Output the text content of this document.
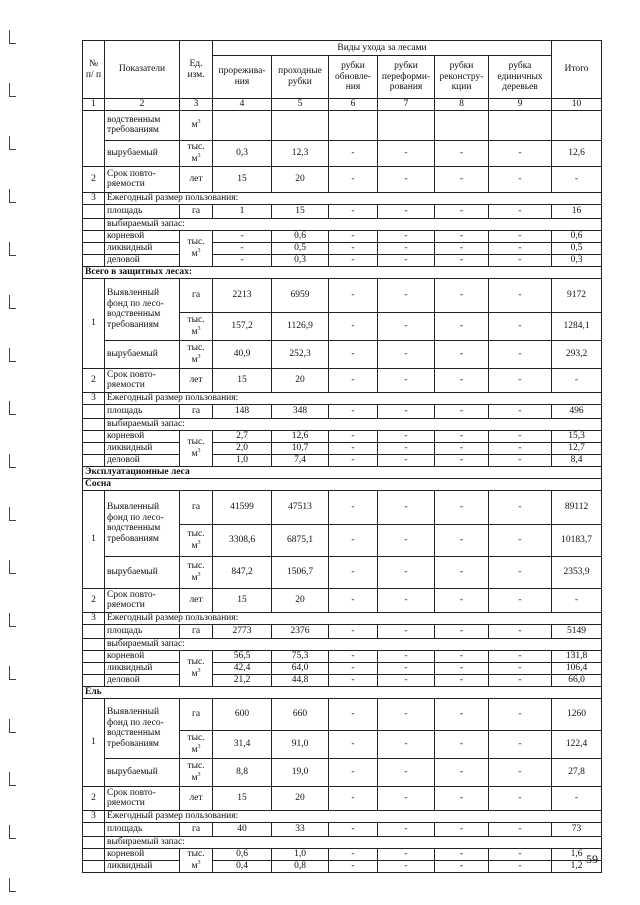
№ п/ п	Показатели	Ед. изм.	Виды ухода за лесами						Итого
			прорежива-ния	проходные рубки	рубки обновле-ния	рубки переформи-рования	рубки реконстру-кции	рубка единичных деревьев	
1	2	3	4	5	6	7	8	9	10
	водственным требованиям	$м^3$							
	вырубаемый	тыс. $м^3$	0,3	12,3	-	-	-	-	12,6
2	Срок повто-ряемости	лет	15	20	-	-	-	-	-
3	Ежегодный размер пользования:								
	площадь	га	1	15	-	-	-	-	16
	выбираемый запас:								
	корневой	тыс. $м^3$	-	0,6	-	-	-	-	0,6
	ликвидный		-	0,5	-	-	-	-	0,5
	деловой		-	0,3	-	-	-	-	0,3
Всего в защитных лесах:									
1	Выявленный фонд по лесо-водственным требованиям	га	2213	6959	-	-	-	-	9172
		тыс. $м^3$	157,2	1126,9	-	-	-	-	1284,1
	вырубаемый	тыс. $м^3$	40,9	252,3	-	-	-	-	293,2
2	Срок повто-ряемости	лет	15	20	-	-	-	-	-
3	Ежегодный размер пользования:								
	площадь	га	148	348	-	-	-	-	496
	выбираемый запас:								
	корневой	тыс. $м^3$	2,7	12,6	-	-	-	-	15,3
	ликвидный		2,0	10,7	-	-	-	-	12,7
	деловой		1,0	7,4	-	-	-	-	8,4
Эксплуатационные леса									
Сосна									
1	Выявленный фонд по лесо-водственным требованиям	га	41599	47513	-	-	-	-	89112
		тыс. $м^3$	3308,6	6875,1	-	-	-	-	10183,7
	вырубаемый	тыс. $м^3$	847,2	1506,7	-	-	-	-	2353,9
2	Срок повто-ряемости	лет	15	20	-	-	-	-	-
3	Ежегодный размер пользования:								
	площадь	га	2773	2376	-	-	-	-	5149
	выбираемый запас:								
	корневой	тыс. $м^3$	56,5	75,3	-	-	-	-	131,8
	ликвидный		42,4	64,0	-	-	-	-	106,4
	деловой		21,2	44,8	-	-	-	-	66,0
Ель									
1	Выявленный фонд по лесо-водственным требованиям	га	600	660	-	-	-	-	1260
		тыс. $м^3$	31,4	91,0	-	-	-	-	122,4
	вырубаемый	тыс. $м^3$	8,8	19,0	-	-	-	-	27,8
2	Срок повто-ряемости	лет	15	20	-	-	-	-	-
3	Ежегодный размер пользования:								
	площадь	га	40	33	-	-	-	-	73
	выбираемый запас:								
	корневой	тыс. $м^3$	0,6	1,0	-	-	-	-	1,6
	ликвидный		0,4	0,8	-	-	-	-	1,2 59
